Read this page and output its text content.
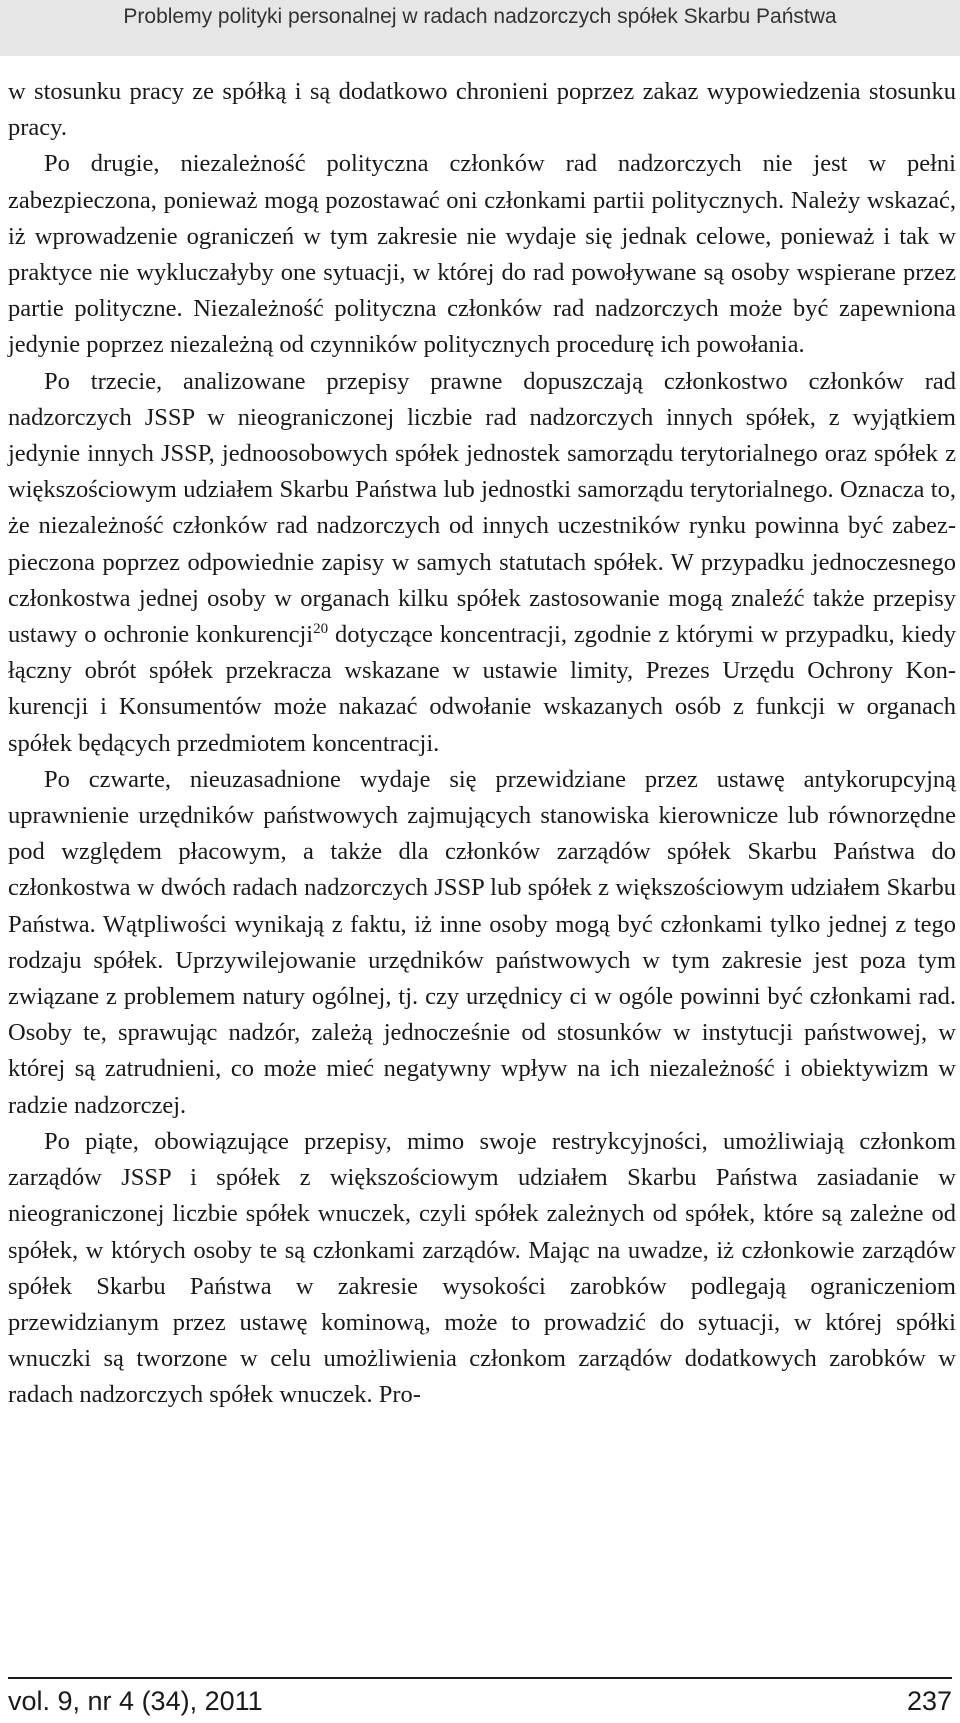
Problemy polityki personalnej w radach nadzorczych spółek Skarbu Państwa

w stosunku pracy ze spółką i są dodatkowo chronieni poprzez zakaz wypowiedzenia stosunku pracy.

Po drugie, niezależność polityczna członków rad nadzorczych nie jest w pełni zabezpieczona, ponieważ mogą pozostawać oni członkami partii politycznych. Należy wskazać, iż wprowadzenie ograniczeń w tym zakresie nie wydaje się jednak celowe, ponieważ i tak w praktyce nie wykluczałyby one sytuacji, w której do rad powoływane są osoby wspierane przez partie polityczne. Niezależność polityczna członków rad nadzorczych może być zapewniona jedynie poprzez niezależną od czynników politycznych procedurę ich powołania.

Po trzecie, analizowane przepisy prawne dopuszczają członkostwo członków rad nadzorczych JSSP w nieograniczonej liczbie rad nadzorczych innych spółek, z wyjątkiem jedynie innych JSSP, jednoosobowych spółek jednostek samorządu terytorialnego oraz spółek z większościowym udziałem Skarbu Państwa lub jednostki samorządu terytorialnego. Oznacza to, że niezależność członków rad nadzorczych od innych uczestników rynku powinna być zabezpieczona poprzez odpowiednie zapisy w samych statutach spółek. W przypadku jednoczesnego członkostwa jednej osoby w organach kilku spółek zastosowanie mogą znaleźć także przepisy ustawy o ochronie konkurencji$^{20}$ dotyczące koncentracji, zgodnie z którymi w przypadku, kiedy łączny obrót spółek przekracza wskazane w ustawie limity, Prezes Urzędu Ochrony Konkurencji i Konsumentów może nakazać odwołanie wskazanych osób z funkcji w organach spółek będących przedmiotem koncentracji.

Po czwarte, nieuzasadnione wydaje się przewidziane przez ustawę antykorupcyjną uprawnienie urzędników państwowych zajmujących stanowiska kierownicze lub równorzędne pod względem płacowym, a także dla członków zarządów spółek Skarbu Państwa do członkostwa w dwóch radach nadzorczych JSSP lub spółek z większościowym udziałem Skarbu Państwa. Wątpliwości wynikają z faktu, iż inne osoby mogą być członkami tylko jednej z tego rodzaju spółek. Uprzywilejowanie urzędników państwowych w tym zakresie jest poza tym związane z problemem natury ogólnej, tj. czy urzędnicy ci w ogóle powinni być członkami rad. Osoby te, sprawując nadzór, zależą jednocześnie od stosunków w instytucji państwowej, w której są zatrudnieni, co może mieć negatywny wpływ na ich niezależność i obiektywizm w radzie nadzorczej.

Po piąte, obowiązujące przepisy, mimo swoje restrykcyjności, umożliwiają członkom zarządów JSSP i spółek z większościowym udziałem Skarbu Państwa zasiadanie w nieograniczonej liczbie spółek wnuczek, czyli spółek zależnych od spółek, które są zależne od spółek, w których osoby te są członkami zarządów. Mając na uwadze, iż członkowie zarządów spółek Skarbu Państwa w zakresie wysokości zarobków podlegają ograniczeniom przewidzianym przez ustawę kominową, może to prowadzić do sytuacji, w której spółki wnuczki są tworzone w celu umożliwienia członkom zarządów dodatkowych zarobków w radach nadzorczych spółek wnuczek. Pro-

vol. 9, nr 4 (34), 2011	237
